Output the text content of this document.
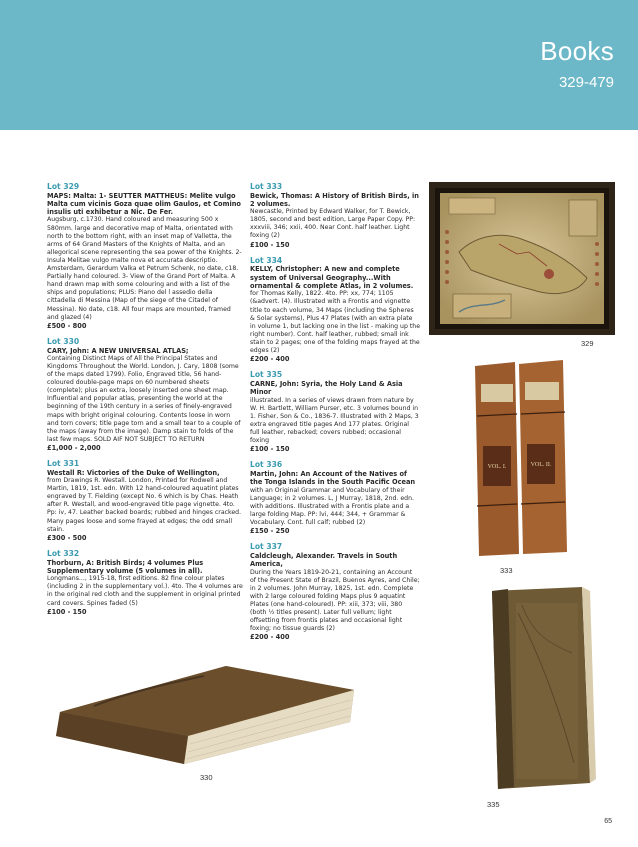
Books
329-479
Lot 329
MAPS: Malta: 1- SEUTTER MATTHEUS: Melite vulgo Malta cum vicinis Goza quae olim Gaulos, et Comino insulis uti exhibetur a Nic. De Fer.
Augsburg, c.1730. Hand coloured and measuring 500 x 580mm. large and decorative map of Malta, orientated with north to the bottom right, with an inset map of Valletta, the arms of 64 Grand Masters of the Knights of Malta, and an allegorical scene representing the sea power of the Knights. 2- Insula Melitae vulgo malte nova et accurata descriptio. Amsterdam, Gerardum Valka et Petrum Schenk, no date, c18. Partially hand coloured. 3- View of the Grand Port of Malta. A hand drawn map with some colouring and with a list of the ships and populations; PLUS: Piano del l assedio della cittadella di Messina (Map of the siege of the Citadel of Messina). No date, c18. All four maps are mounted, framed and glazed (4)
£500 - 800
Lot 330
CARY, John: A NEW UNIVERSAL ATLAS;
Containing Distinct Maps of All the Principal States and Kingdoms Throughout the World. London, J. Cary, 1808 (some of the maps dated 1799). Folio, Engraved title, 56 hand-coloured double-page maps on 60 numbered sheets (complete); plus an extra, loosely inserted one sheet map. Influential and popular atlas, presenting the world at the beginning of the 19th century in a series of finely-engraved maps with bright original colouring. Contents loose in worn and torn covers; title page torn and a small tear to a couple of the maps (away from the image). Damp stain to folds of the last few maps. SOLD AIF NOT SUBJECT TO RETURN
£1,000 - 2,000
Lot 331
Westall R: Victories of the Duke of Wellington,
from Drawings R. Westall. London, Printed for Rodwell and Martin, 1819, 1st. edn. With 12 hand-coloured aquatint plates engraved by T. Fielding (except No. 6 which is by Chas. Heath after R. Westall, and wood-engraved title page vignette. 4to. Pp: iv, 47. Leather backed boards; rubbed and hinges cracked. Many pages loose and some frayed at edges; the odd small stain.
£300 - 500
Lot 332
Thorburn, A: British Birds; 4 volumes Plus Supplementary volume (5 volumes in all).
Longmans..., 1915-18, first editions. 82 fine colour plates (including 2 in the supplementary vol.). 4to. The 4 volumes are in the original red cloth and the supplement in original printed card covers. Spines faded (5)
£100 - 150
Lot 333
Bewick, Thomas: A History of British Birds, in 2 volumes.
Newcastle, Printed by Edward Walker, for T. Bewick, 1805, second and best edition, Large Paper Copy. PP: xxxviii, 346; xxii, 400. Near Cont. half leather. Light foxing (2)
£100 - 150
Lot 334
KELLY, Christopher: A new and complete system of Universal Geography...With ornamental & complete Atlas, in 2 volumes.
for Thomas Kelly, 1822. 4to. PP: xx, 774; 1105 (&advert. (4). Illustrated with a Frontis and vignette title to each volume, 34 Maps (including the Spheres & Solar systems), Plus 47 Plates (with an extra plate in volume 1, but lacking one in the list - making up the right number). Cont. half leather, rubbed; small ink stain to 2 pages; one of the folding maps frayed at the edges (2)
£200 - 400
Lot 335
CARNE, John: Syria, the Holy Land & Asia Minor
illustrated. In a series of views drawn from nature by W. H. Bartlett, William Purser, etc. 3 volumes bound in 1. Fisher, Son & Co., 1836-7. Illustrated with 2 Maps, 3 extra engraved title pages And 177 plates. Original full leather, rebacked; covers rubbed; occasional foxing
£100 - 150
Lot 336
Martin, John: An Account of the Natives of the Tonga Islands in the South Pacific Ocean
with an Original Grammar and Vocabulary of their Language; in 2 volumes. L, J Murray, 1818, 2nd. edn. with additions. Illustrated with a Frontis plate and a large folding Map. PP: lvi, 444; 344, + Grammar & Vocabulary. Cont. full calf; rubbed (2)
£150 - 250
Lot 337
Caldcleugh, Alexander. Travels in South America,
During the Years 1819-20-21, containing an Account of the Present State of Brazil, Buenos Ayres, and Chile; in 2 volumes. John Murray, 1825, 1st. edn. Complete with 2 large coloured folding Maps plus 9 aquatint Plates (one hand-coloured). PP: xiii, 373; viii, 380 (both ½ titles present). Later full vellum; light offsetting from frontis plates and occasional light foxing; no tissue guards (2)
£200 - 400
329
VOL. I.	VOL. II.
333
330
335
65
